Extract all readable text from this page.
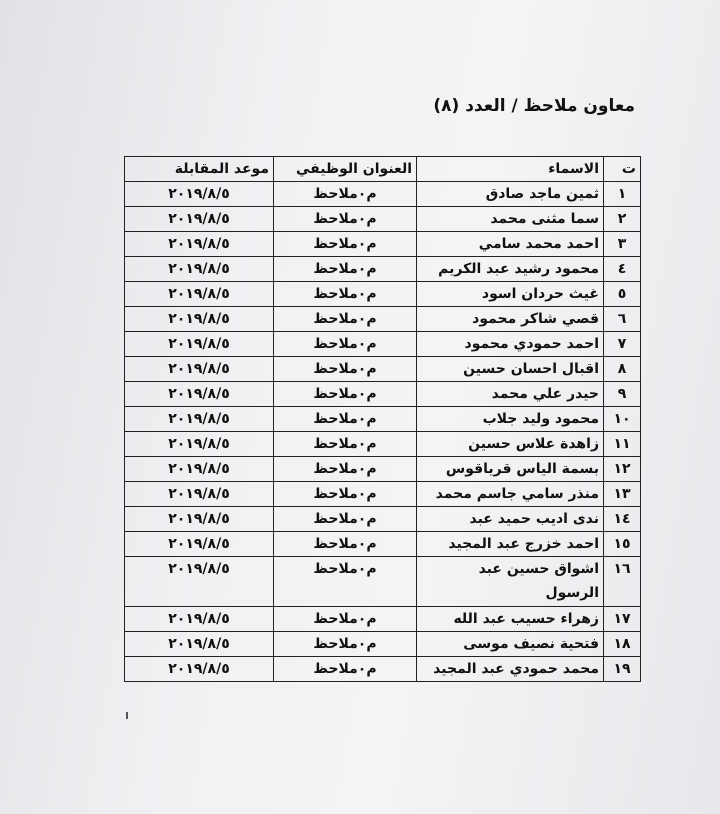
معاون ملاحظ / العدد (٨)
ت	الاسماء	العنوان الوظيفي	موعد المقابلة
١	ثمين ماجد صادق	م٠ملاحظ	٢٠١٩/٨/٥
٢	سما مثنى محمد	م٠ملاحظ	٢٠١٩/٨/٥
٣	احمد محمد سامي	م٠ملاحظ	٢٠١٩/٨/٥
٤	محمود رشيد عبد الكريم	م٠ملاحظ	٢٠١٩/٨/٥
٥	غيث حردان اسود	م٠ملاحظ	٢٠١٩/٨/٥
٦	قصي شاكر محمود	م٠ملاحظ	٢٠١٩/٨/٥
٧	احمد حمودي محمود	م٠ملاحظ	٢٠١٩/٨/٥
٨	اقبال احسان حسين	م٠ملاحظ	٢٠١٩/٨/٥
٩	حيدر علي محمد	م٠ملاحظ	٢٠١٩/٨/٥
١٠	محمود وليد جلاب	م٠ملاحظ	٢٠١٩/٨/٥
١١	زاهدة علاس حسين	م٠ملاحظ	٢٠١٩/٨/٥
١٢	بسمة الياس قرياقوس	م٠ملاحظ	٢٠١٩/٨/٥
١٣	منذر سامي جاسم محمد	م٠ملاحظ	٢٠١٩/٨/٥
١٤	ندى اديب حميد عبد	م٠ملاحظ	٢٠١٩/٨/٥
١٥	احمد خزرج عبد المجيد	م٠ملاحظ	٢٠١٩/٨/٥
١٦	اشواق حسين عبد الرسول	م٠ملاحظ	٢٠١٩/٨/٥
١٧	زهراء حسيب عبد الله	م٠ملاحظ	٢٠١٩/٨/٥
١٨	فتحية نصيف موسى	م٠ملاحظ	٢٠١٩/٨/٥
١٩	محمد حمودي عبد المجيد	م٠ملاحظ	٢٠١٩/٨/٥
